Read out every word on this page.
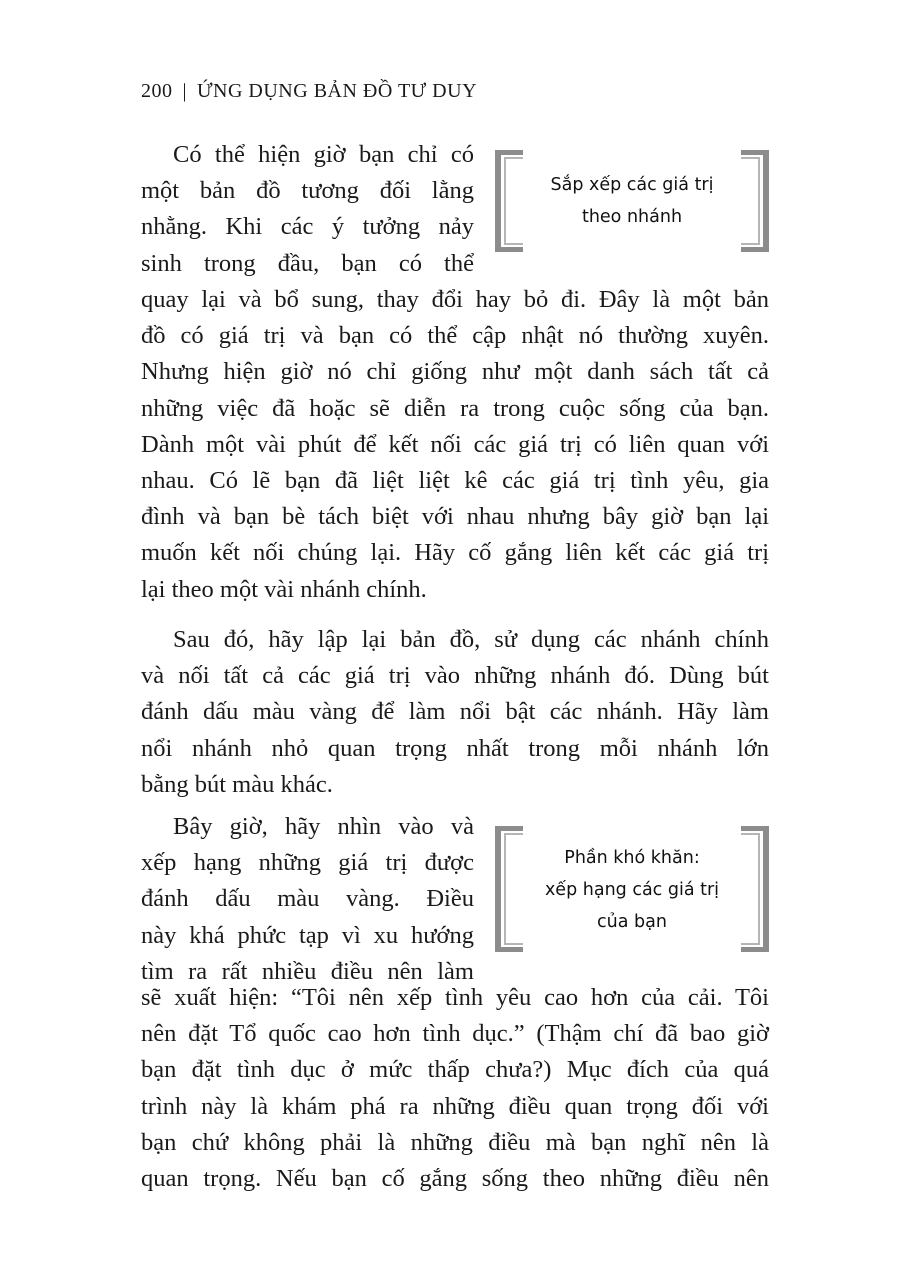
200 | ỨNG DỤNG BẢN ĐỒ TƯ DUY
Có thể hiện giờ bạn chỉ có
một bản đồ tương đối lằng
nhằng. Khi các ý tưởng nảy
sinh trong đầu, bạn có thể
quay lại và bổ sung, thay đổi hay bỏ đi. Đây là một bản
đồ có giá trị và bạn có thể cập nhật nó thường xuyên.
Nhưng hiện giờ nó chỉ giống như một danh sách tất cả
những việc đã hoặc sẽ diễn ra trong cuộc sống của bạn.
Dành một vài phút để kết nối các giá trị có liên quan với
nhau. Có lẽ bạn đã liệt liệt kê các giá trị tình yêu, gia
đình và bạn bè tách biệt với nhau nhưng bây giờ bạn lại
muốn kết nối chúng lại. Hãy cố gắng liên kết các giá trị
lại theo một vài nhánh chính.
Sau đó, hãy lập lại bản đồ, sử dụng các nhánh chính
và nối tất cả các giá trị vào những nhánh đó. Dùng bút
đánh dấu màu vàng để làm nổi bật các nhánh. Hãy làm
nổi nhánh nhỏ quan trọng nhất trong mỗi nhánh lớn
bằng bút màu khác.
Bây giờ, hãy nhìn vào và
xếp hạng những giá trị được
đánh dấu màu vàng. Điều
này khá phức tạp vì xu hướng
tìm ra rất nhiều điều nên làm
sẽ xuất hiện: “Tôi nên xếp tình yêu cao hơn của cải. Tôi
nên đặt Tổ quốc cao hơn tình dục.” (Thậm chí đã bao giờ
bạn đặt tình dục ở mức thấp chưa?) Mục đích của quá
trình này là khám phá ra những điều quan trọng đối với
bạn chứ không phải là những điều mà bạn nghĩ nên là
quan trọng. Nếu bạn cố gắng sống theo những điều nên
Sắp xếp các giá trị
theo nhánh
Phần khó khăn:
xếp hạng các giá trị
của bạn
